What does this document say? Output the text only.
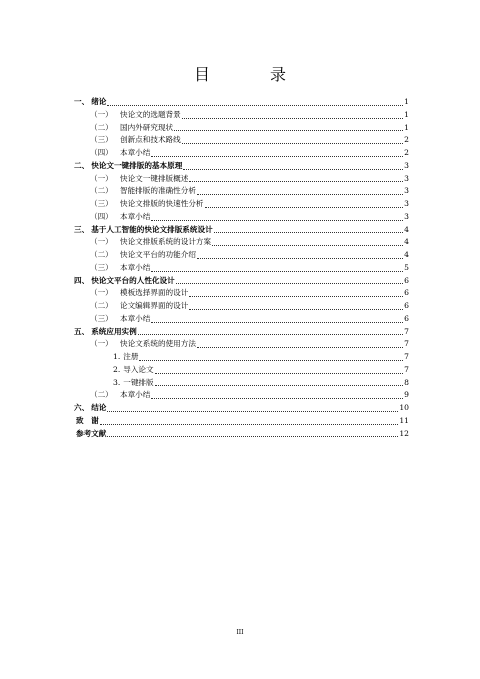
目　录
一、 绪论	1
（一） 快论文的选题背景	1
（二） 国内外研究现状	1
（三） 创新点和技术路线	2
（四） 本章小结	2
二、 快论文一键排版的基本原理	3
（一） 快论文一键排版概述	3
（二） 智能排版的准确性分析	3
（三） 快论文排版的快速性分析	3
（四） 本章小结	3
三、 基于人工智能的快论文排版系统设计	4
（一） 快论文排版系统的设计方案	4
（二） 快论文平台的功能介绍	4
（三） 本章小结	5
四、 快论文平台的人性化设计	6
（一） 模板选择界面的设计	6
（二） 论文编辑界面的设计	6
（三） 本章小结	6
五、 系统应用实例	7
（一） 快论文系统的使用方法	7
1. 注册	7
2. 导入论文	7
3. 一键排版	8
（二） 本章小结	9
六、 结论	10
致　谢	11
参考文献	12
III
